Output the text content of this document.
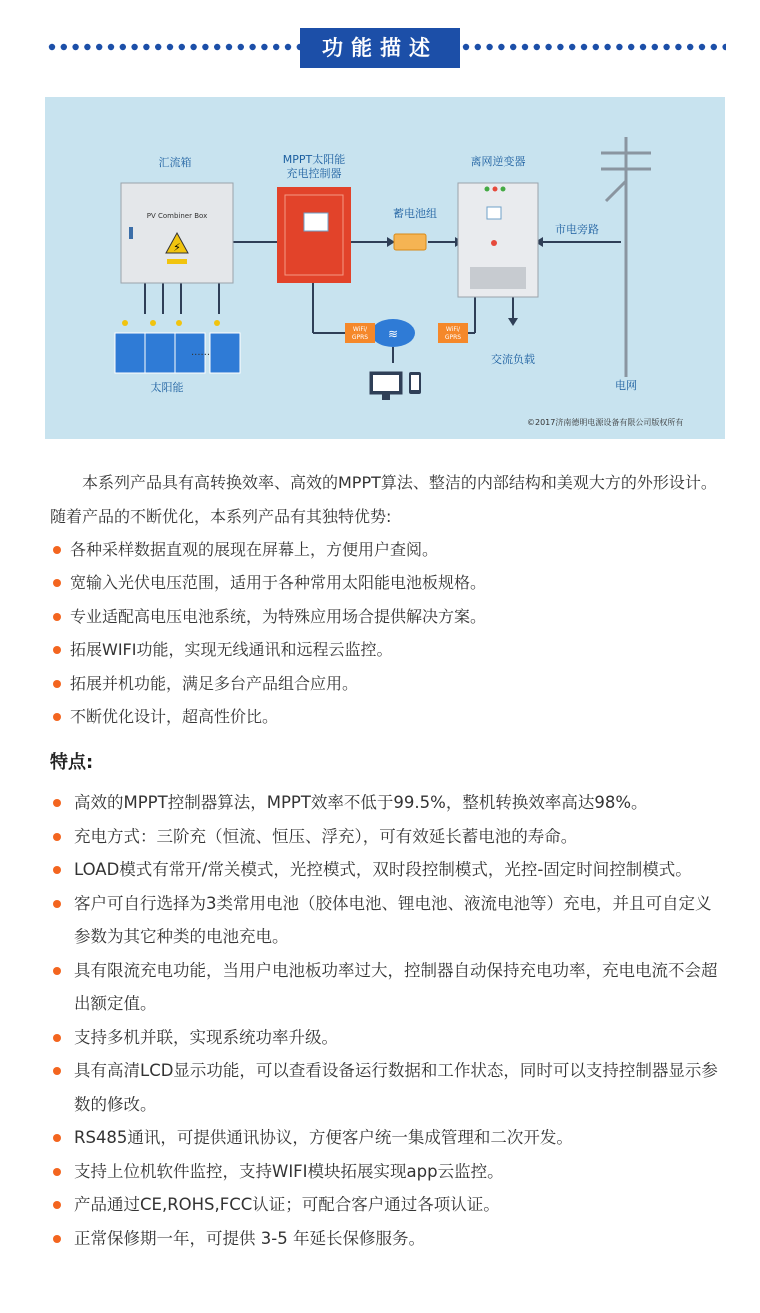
功能描述
PV Combiner Box
⚡
汇流箱	MPPT太阳能
充电控制器
蓄电池组
离网逆变器
市电旁路
电网
......
太阳能
≋
WiFi/
GPRS
WiFi/
GPRS
交流负载
©2017济南德明电源设备有限公司版权所有
本系列产品具有高转换效率、高效的MPPT算法、整洁的内部结构和美观大方的外形设计。随着产品的不断优化，本系列产品有其独特优势:
各种采样数据直观的展现在屏幕上，方便用户查阅。
宽输入光伏电压范围，适用于各种常用太阳能电池板规格。
专业适配高电压电池系统，为特殊应用场合提供解决方案。
拓展WIFI功能，实现无线通讯和远程云监控。
拓展并机功能，满足多台产品组合应用。
不断优化设计，超高性价比。
特点:
高效的MPPT控制器算法，MPPT效率不低于99.5%，整机转换效率高达98%。
充电方式：三阶充（恒流、恒压、浮充），可有效延长蓄电池的寿命。
LOAD模式有常开/常关模式，光控模式，双时段控制模式，光控-固定时间控制模式。
客户可自行选择为3类常用电池（胶体电池、锂电池、液流电池等）充电，并且可自定义参数为其它种类的电池充电。
具有限流充电功能，当用户电池板功率过大，控制器自动保持充电功率，充电电流不会超出额定值。
支持多机并联，实现系统功率升级。
具有高清LCD显示功能，可以查看设备运行数据和工作状态，同时可以支持控制器显示参数的修改。
RS485通讯，可提供通讯协议，方便客户统一集成管理和二次开发。
支持上位机软件监控，支持WIFI模块拓展实现app云监控。
产品通过CE,ROHS,FCC认证；可配合客户通过各项认证。
正常保修期一年，可提供 3-5 年延长保修服务。
